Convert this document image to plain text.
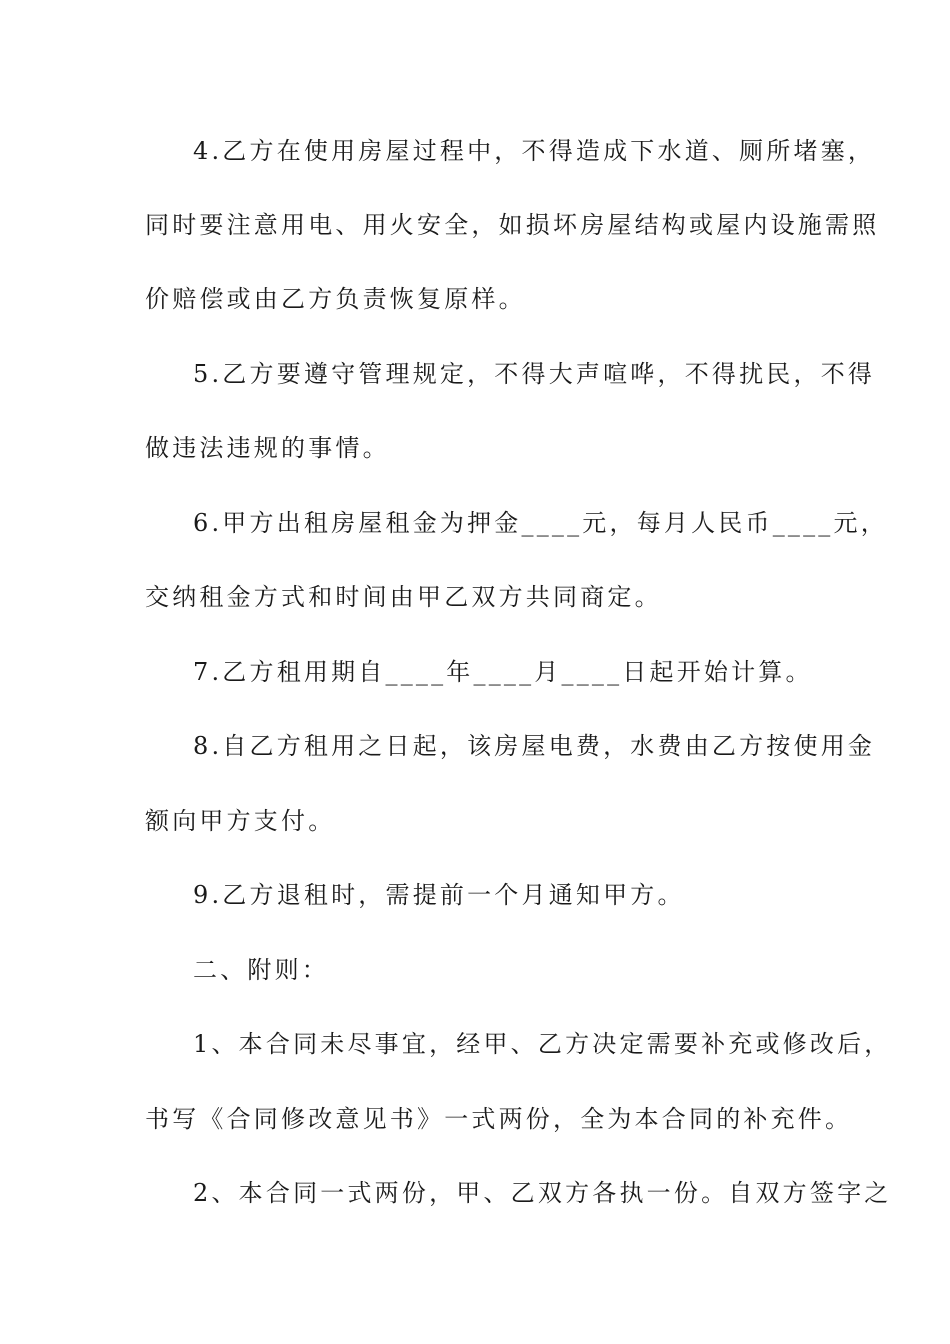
4.乙方在使用房屋过程中，不得造成下水道、厕所堵塞，
同时要注意用电、用火安全，如损坏房屋结构或屋内设施需照
价赔偿或由乙方负责恢复原样。
5.乙方要遵守管理规定，不得大声喧哗，不得扰民，不得
做违法违规的事情。
6.甲方出租房屋租金为押金____元，每月人民币____元，
交纳租金方式和时间由甲乙双方共同商定。
7.乙方租用期自____年____月____日起开始计算。
8.自乙方租用之日起，该房屋电费，水费由乙方按使用金
额向甲方支付。
9.乙方退租时，需提前一个月通知甲方。
二、附则：
1、本合同未尽事宜，经甲、乙方决定需要补充或修改后，
书写《合同修改意见书》一式两份，全为本合同的补充件。
2、本合同一式两份，甲、乙双方各执一份。自双方签字之
